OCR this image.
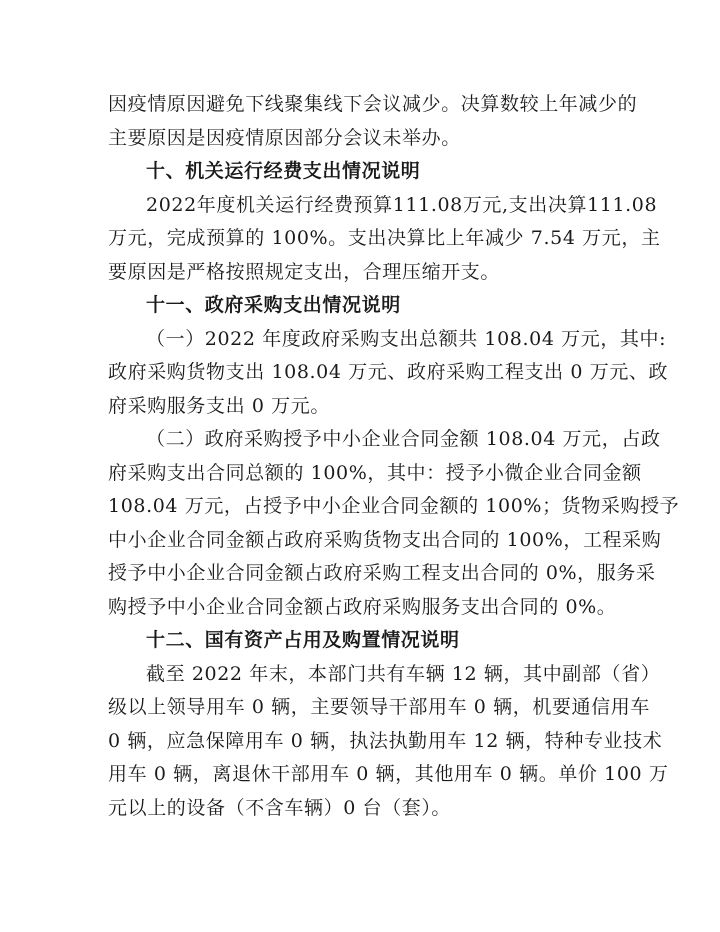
因疫情原因避免下线聚集线下会议减少。决算数较上年减少的
主要原因是因疫情原因部分会议未举办。
十、机关运行经费支出情况说明
2022年度机关运行经费预算111.08万元,支出决算111.08
万元，完成预算的 100%。支出决算比上年减少 7.54 万元，主
要原因是严格按照规定支出，合理压缩开支。
十一、政府采购支出情况说明
（一）2022 年度政府采购支出总额共 108.04 万元，其中:
政府采购货物支出 108.04 万元、政府采购工程支出 0 万元、政
府采购服务支出 0 万元。
（二）政府采购授予中小企业合同金额 108.04 万元，占政
府采购支出合同总额的 100%，其中：授予小微企业合同金额
108.04 万元，占授予中小企业合同金额的 100%；货物采购授予
中小企业合同金额占政府采购货物支出合同的 100%，工程采购
授予中小企业合同金额占政府采购工程支出合同的 0%，服务采
购授予中小企业合同金额占政府采购服务支出合同的 0%。
十二、国有资产占用及购置情况说明
截至 2022 年末，本部门共有车辆 12 辆，其中副部（省）
级以上领导用车 0 辆，主要领导干部用车 0 辆，机要通信用车
0 辆，应急保障用车 0 辆，执法执勤用车 12 辆，特种专业技术
用车 0 辆，离退休干部用车 0 辆，其他用车 0 辆。单价 100 万
元以上的设备（不含车辆）0 台（套）。
